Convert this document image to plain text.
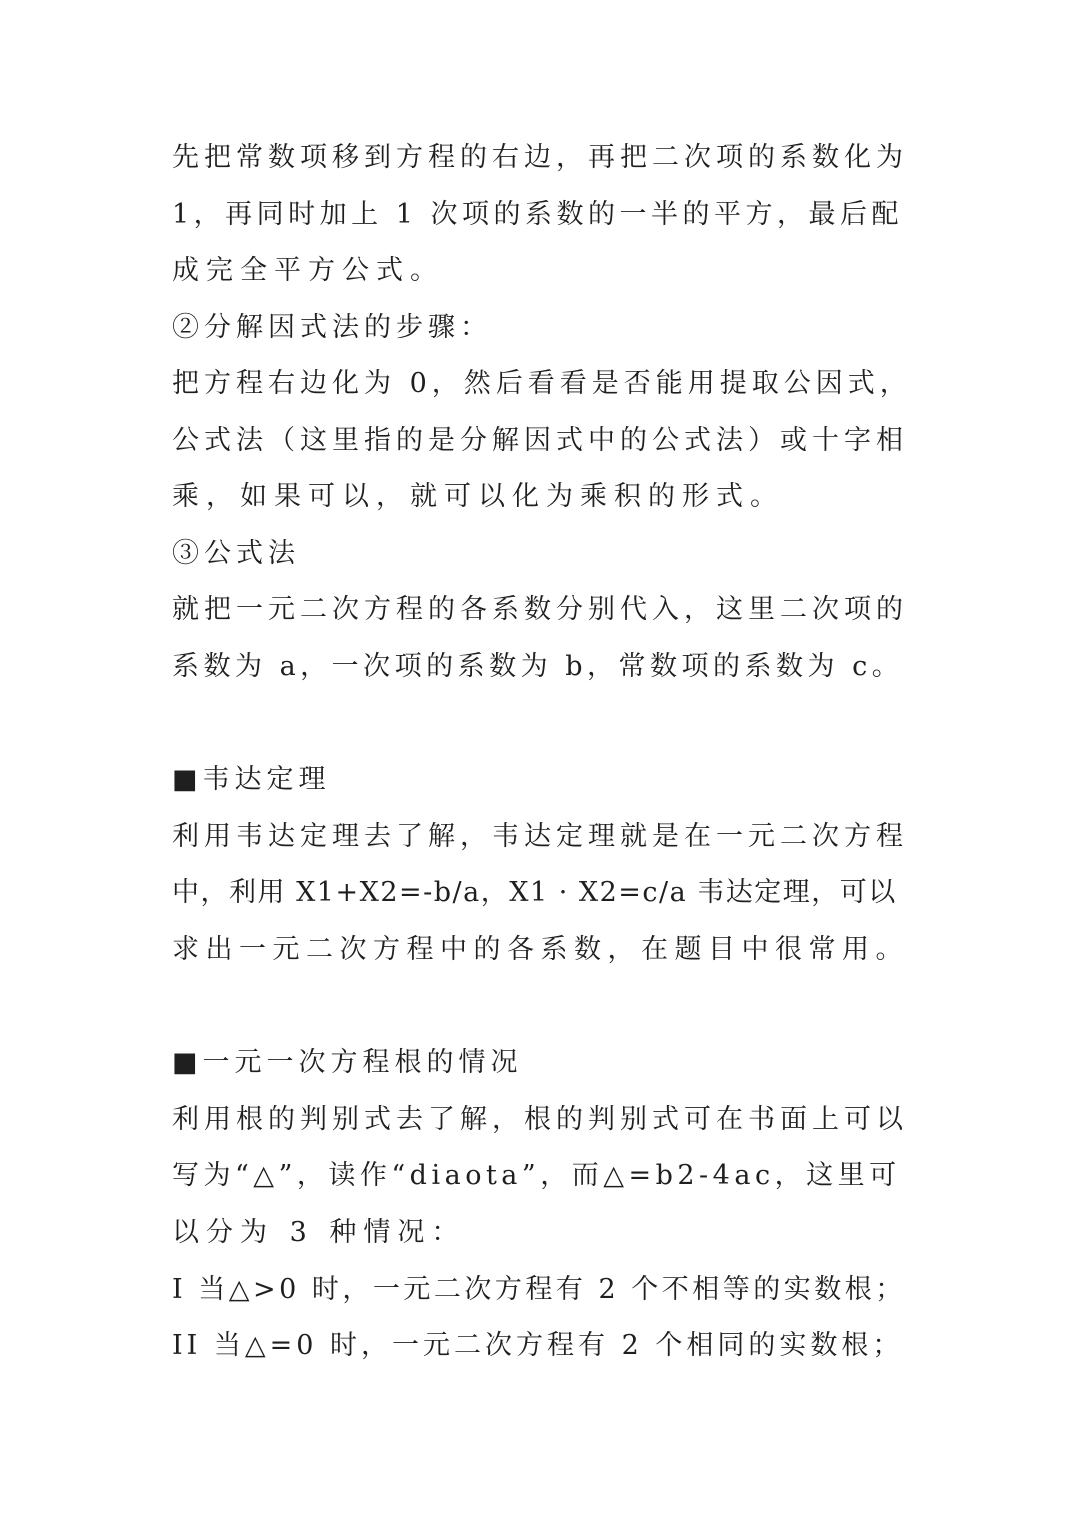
先把常数项移到方程的右边，再把二次项的系数化为
1，再同时加上 1 次项的系数的一半的平方，最后配
成完全平方公式。
②分解因式法的步骤：
把方程右边化为 0，然后看看是否能用提取公因式，
公式法（这里指的是分解因式中的公式法）或十字相
乘，如果可以，就可以化为乘积的形式。
③公式法
就把一元二次方程的各系数分别代入，这里二次项的
系数为 a，一次项的系数为 b，常数项的系数为 c。
■韦达定理
利用韦达定理去了解，韦达定理就是在一元二次方程
中，利用 X1+X2=-b/a，X1 · X2=c/a 韦达定理，可以
求出一元二次方程中的各系数，在题目中很常用。
■一元一次方程根的情况
利用根的判别式去了解，根的判别式可在书面上可以
写为“△”，读作“diaota”，而△=b2-4ac，这里可
以分为 3 种情况：
I 当△>0 时，一元二次方程有 2 个不相等的实数根；
II 当△=0 时，一元二次方程有 2 个相同的实数根；
